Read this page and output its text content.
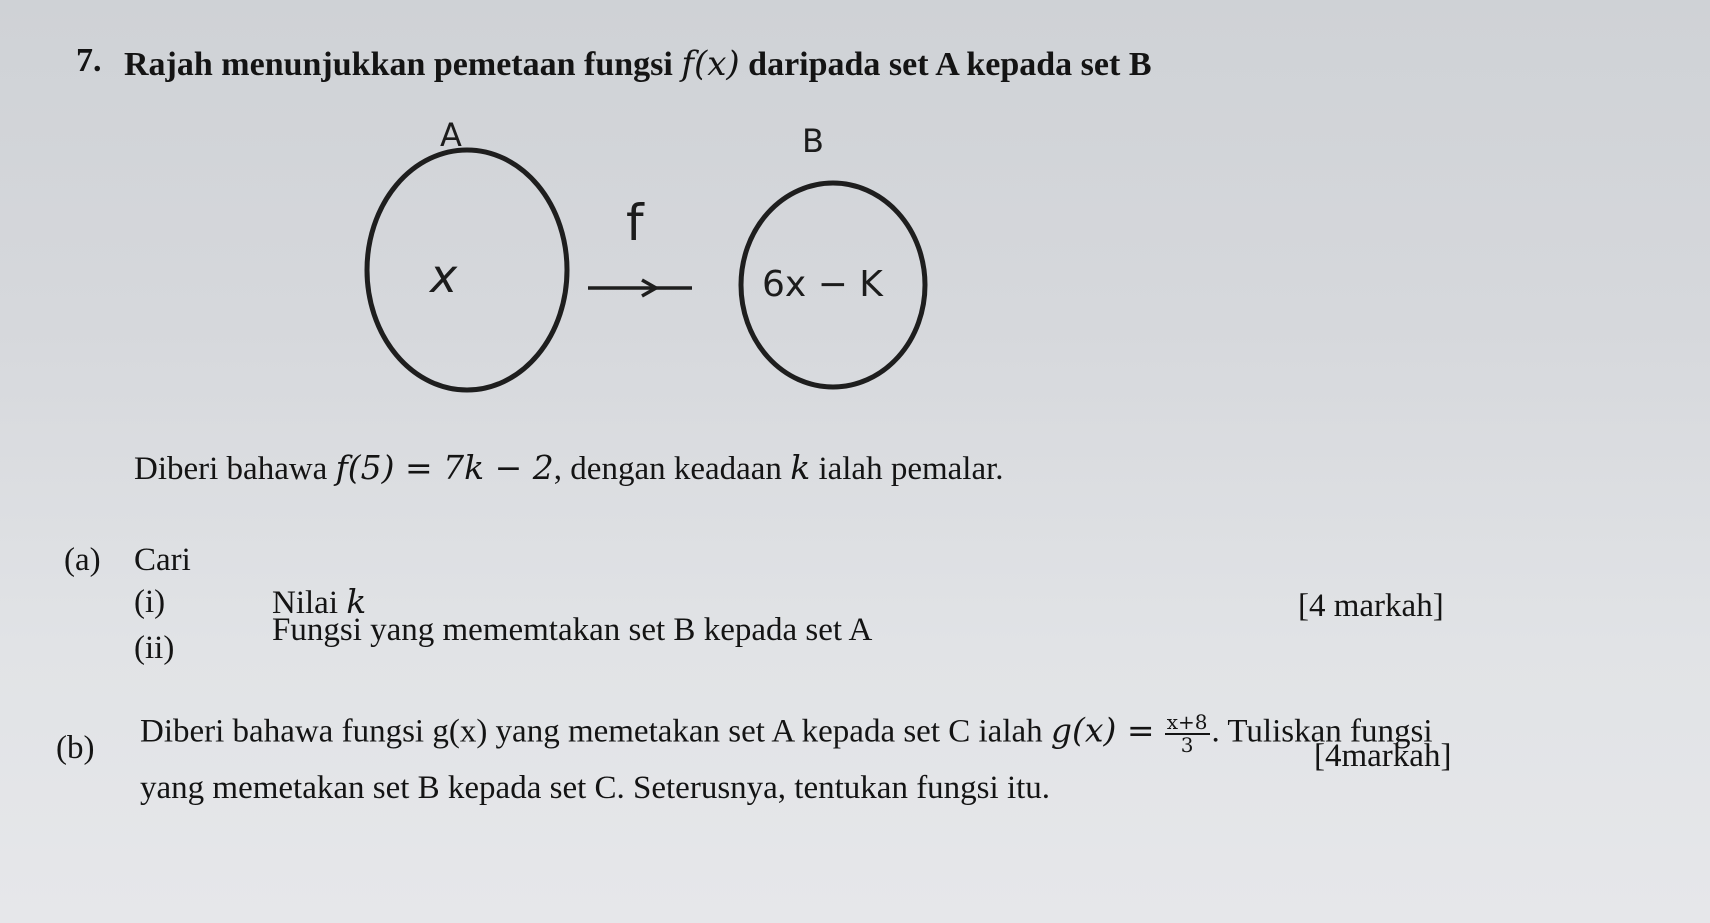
7. Rajah menunjukkan pemetaan fungsi f(x) daripada set A kepada set B
A
x
f
B
6x − K
Diberi bahawa f(5) = 7k − 2, dengan keadaan k ialah pemalar.
(a) Cari
(i)	Nilai k
(ii)	Fungsi yang mememtakan set B kepada set A
[4 markah]
(b) Diberi bahawa fungsi g(x) yang memetakan set A kepada set C ialah $g(x) = \frac{x+8}{3}$ . Tuliskan fungsi
yang memetakan set B kepada set C. Seterusnya, tentukan fungsi itu.
[4markah]
